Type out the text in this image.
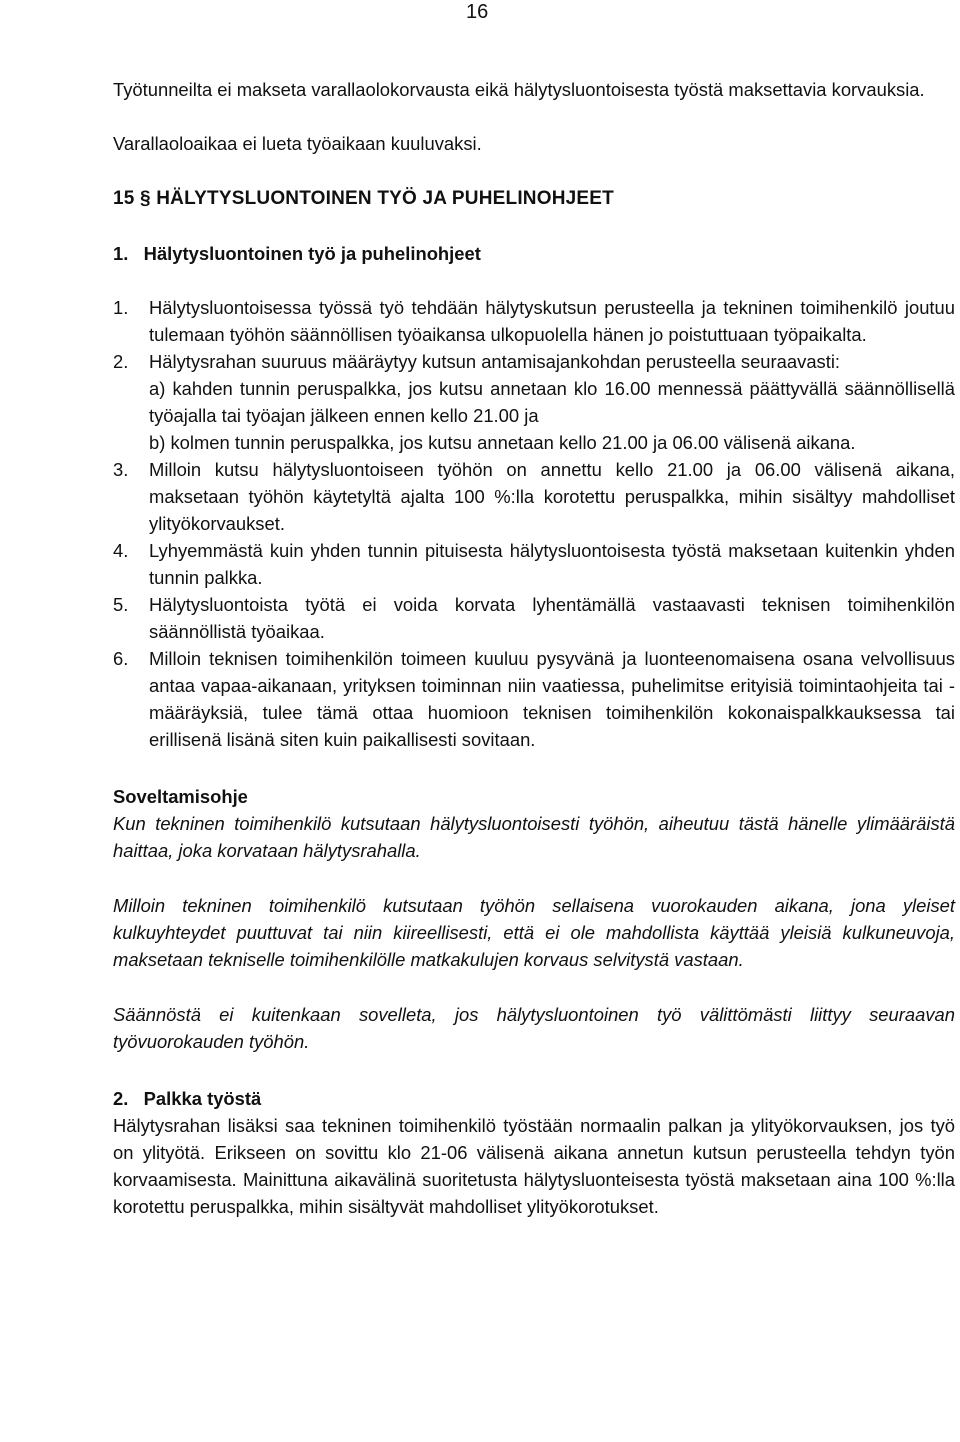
16

Työtunneilta ei makseta varallaolokorvausta eikä hälytysluontoisesta työstä maksettavia korvauksia.

Varallaoloaikaa ei lueta työaikaan kuuluvaksi.

15 § HÄLYTYSLUONTOINEN TYÖ JA PUHELINOHJEET
1.   Hälytysluontoinen työ ja puhelinohjeet
1. Hälytysluontoisessa työssä työ tehdään hälytyskutsun perusteella ja tekninen toimihenkilö joutuu tulemaan työhön säännöllisen työaikansa ulkopuolella hänen jo poistuttuaan työpaikalta.
2. Hälytysrahan suuruus määräytyy kutsun antamisajankohdan perusteella seuraavasti:
a) kahden tunnin peruspalkka, jos kutsu annetaan klo 16.00 mennessä päättyvällä säännöllisellä työajalla tai työajan jälkeen ennen kello 21.00 ja
b) kolmen tunnin peruspalkka, jos kutsu annetaan kello 21.00 ja 06.00 välisenä aikana.
3. Milloin kutsu hälytysluontoiseen työhön on annettu kello 21.00 ja 06.00 välisenä aikana, maksetaan työhön käytetyltä ajalta 100 %:lla korotettu peruspalkka, mihin sisältyy mahdolliset ylityökorvaukset.
4. Lyhyemmästä kuin yhden tunnin pituisesta hälytysluontoisesta työstä maksetaan kuitenkin yhden tunnin palkka.
5. Hälytysluontoista työtä ei voida korvata lyhentämällä vastaavasti teknisen toimihenkilön säännöllistä työaikaa.
6. Milloin teknisen toimihenkilön toimeen kuuluu pysyvänä ja luonteenomaisena osana velvollisuus antaa vapaa-aikanaan, yrityksen toiminnan niin vaatiessa, puhelimitse erityisiä toimintaohjeita tai -määräyksiä, tulee tämä ottaa huomioon teknisen toimihenkilön kokonaispalkkauksessa tai erillisenä lisänä siten kuin paikallisesti sovitaan.
Soveltamisohje

Kun tekninen toimihenkilö kutsutaan hälytysluontoisesti työhön, aiheutuu tästä hänelle ylimääräistä haittaa, joka korvataan hälytysrahalla.

Milloin tekninen toimihenkilö kutsutaan työhön sellaisena vuorokauden aikana, jona yleiset kulkuyhteydet puuttuvat tai niin kiireellisesti, että ei ole mahdollista käyttää yleisiä kulkuneuvoja, maksetaan tekniselle toimihenkilölle matkakulujen korvaus selvitystä vastaan.

Säännöstä ei kuitenkaan sovelleta, jos hälytysluontoinen työ välittömästi liittyy seuraavan työvuorokauden työhön.

2.   Palkka työstä

Hälytysrahan lisäksi saa tekninen toimihenkilö työstään normaalin palkan ja ylityökorvauksen, jos työ on ylityötä. Erikseen on sovittu klo 21-06 välisenä aikana annetun kutsun perusteella tehdyn työn korvaamisesta. Mainittuna aikavälinä suoritetusta hälytysluonteisesta työstä maksetaan aina 100 %:lla korotettu peruspalkka, mihin sisältyvät mahdolliset ylityökorotukset.
